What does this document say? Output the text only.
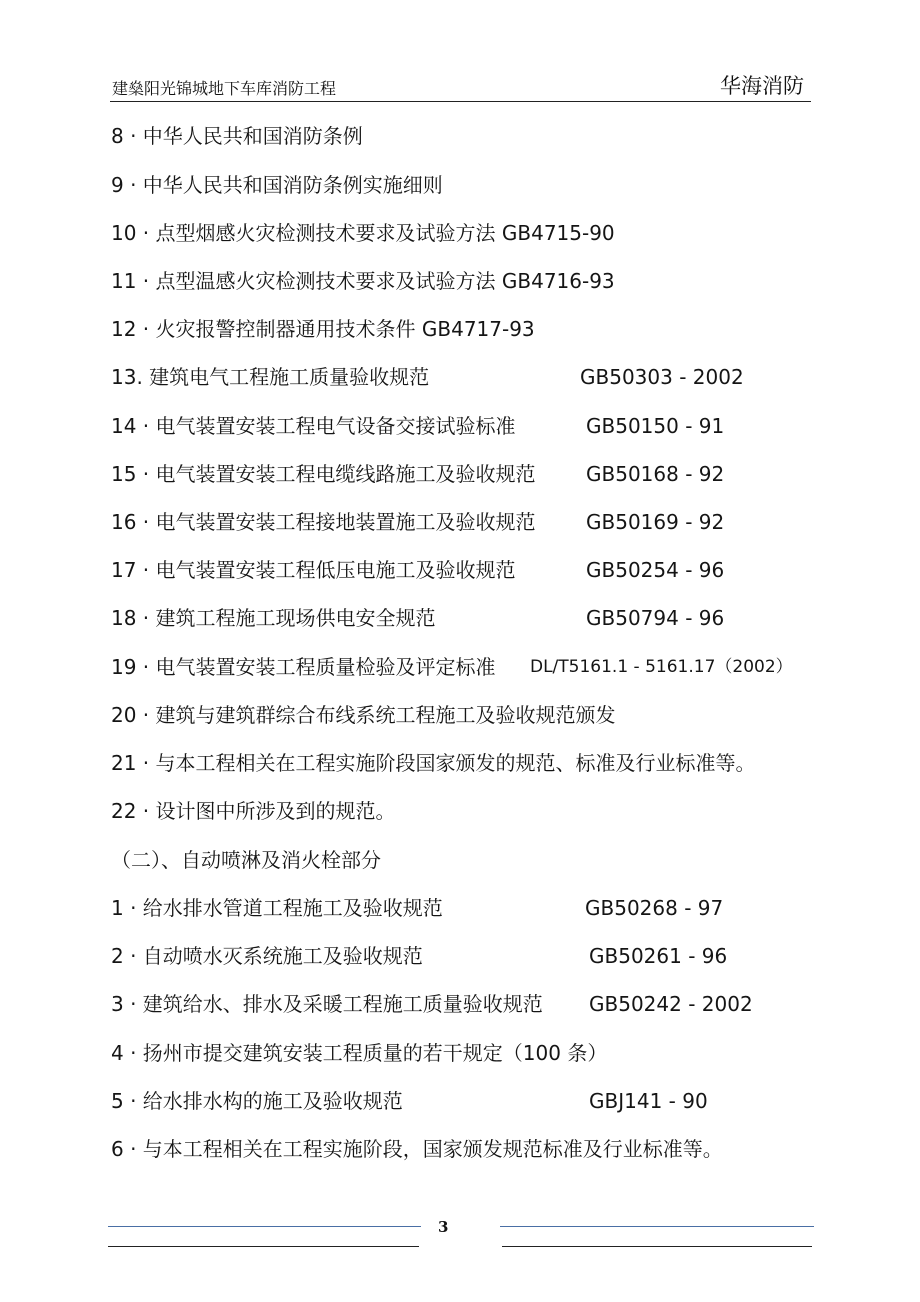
建燊阳光锦城地下车库消防工程	华海消防
8 · 中华人民共和国消防条例
9 · 中华人民共和国消防条例实施细则
10 · 点型烟感火灾检测技术要求及试验方法 GB4715-90
11 · 点型温感火灾检测技术要求及试验方法 GB4716-93
12 · 火灾报警控制器通用技术条件 GB4717-93
13. 建筑电气工程施工质量验收规范	GB50303 - 2002
14 · 电气装置安装工程电气设备交接试验标准	GB50150 - 91
15 · 电气装置安装工程电缆线路施工及验收规范	GB50168 - 92
16 · 电气装置安装工程接地装置施工及验收规范	GB50169 - 92
17 · 电气装置安装工程低压电施工及验收规范	GB50254 - 96
18 · 建筑工程施工现场供电安全规范	GB50794 - 96
19 · 电气装置安装工程质量检验及评定标准 DL/T5161.1 - 5161.17（2002）
20 · 建筑与建筑群综合布线系统工程施工及验收规范颁发
21 · 与本工程相关在工程实施阶段国家颁发的规范、标准及行业标准等。
22 · 设计图中所涉及到的规范。
（二）、自动喷淋及消火栓部分
1 · 给水排水管道工程施工及验收规范	GB50268 - 97
2 · 自动喷水灭系统施工及验收规范	GB50261 - 96
3 · 建筑给水、排水及采暖工程施工质量验收规范 GB50242 - 2002
4 · 扬州市提交建筑安装工程质量的若干规定（100 条）
5 · 给水排水构的施工及验收规范	GBJ141 - 90
6 · 与本工程相关在工程实施阶段，国家颁发规范标准及行业标准等。
3
